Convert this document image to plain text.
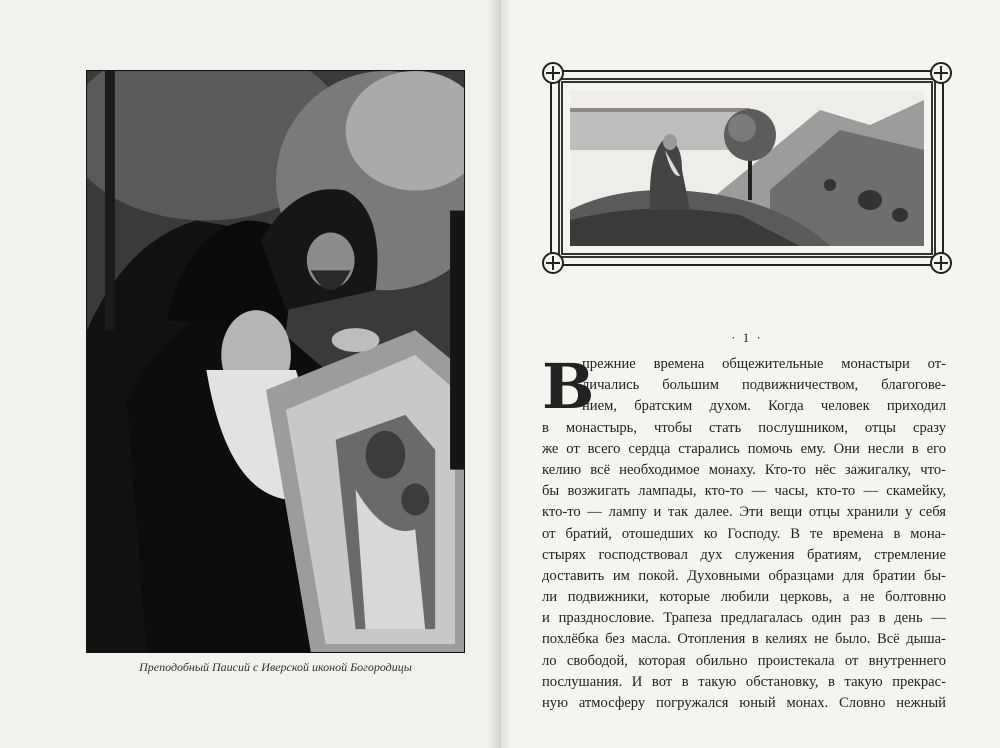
Преподобный Паисий с Иверской иконой Богородицы
· 1 ·
В
прежние времена общежительные монастыри от-
личались большим подвижничеством, благогове-
нием, братским духом. Когда человек приходил
в монастырь, чтобы стать послушником, отцы сразу
же от всего сердца старались помочь ему. Они несли в его
келию всё необходимое монаху. Кто-то нёс зажигалку, что-
бы возжигать лампады, кто-то — часы, кто-то — скамейку,
кто-то — лампу и так далее. Эти вещи отцы хранили у себя
от братий, отошедших ко Господу. В те времена в мона-
стырях господствовал дух служения братиям, стремление
доставить им покой. Духовными образцами для братии бы-
ли подвижники, которые любили церковь, а не болтовню
и празднословие. Трапеза предлагалась один раз в день —
похлёбка без масла. Отопления в келиях не было. Всё дыша-
ло свободой, которая обильно проистекала от внутреннего
послушания. И вот в такую обстановку, в такую прекрас-
ную атмосферу погружался юный монах. Словно нежный
